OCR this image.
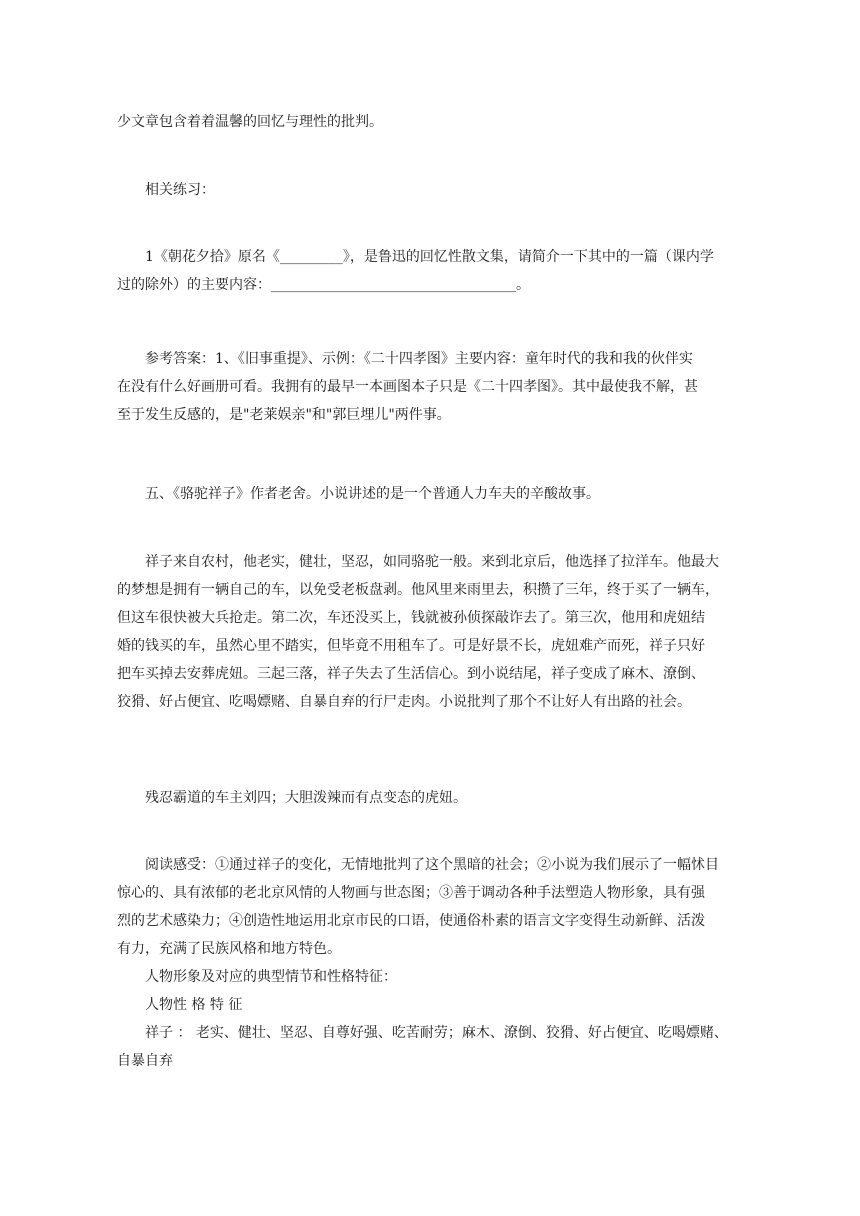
少文章包含着着温馨的回忆与理性的批判。

相关练习：

1《朝花夕拾》原名《_________》，是鲁迅的回忆性散文集，请简介一下其中的一篇（课内学
过的除外）的主要内容：___________________________________。

参考答案：1、《旧事重提》、示例：《二十四孝图》主要内容：童年时代的我和我的伙伴实
在没有什么好画册可看。我拥有的最早一本画图本子只是《二十四孝图》。其中最使我不解，甚
至于发生反感的，是"老莱娱亲"和"郭巨埋儿"两件事。

五、《骆驼祥子》作者老舍。小说讲述的是一个普通人力车夫的辛酸故事。

祥子来自农村，他老实，健壮，坚忍，如同骆驼一般。来到北京后，他选择了拉洋车。他最大
的梦想是拥有一辆自己的车，以免受老板盘剥。他风里来雨里去，积攒了三年，终于买了一辆车，
但这车很快被大兵抢走。第二次，车还没买上，钱就被孙侦探敲诈去了。第三次，他用和虎妞结
婚的钱买的车，虽然心里不踏实，但毕竟不用租车了。可是好景不长，虎妞难产而死，祥子只好
把车买掉去安葬虎妞。三起三落，祥子失去了生活信心。到小说结尾，祥子变成了麻木、潦倒、
狡猾、好占便宜、吃喝嫖赌、自暴自弃的行尸走肉。小说批判了那个不让好人有出路的社会。

残忍霸道的车主刘四；大胆泼辣而有点变态的虎妞。

阅读感受：①通过祥子的变化，无情地批判了这个黑暗的社会；②小说为我们展示了一幅怵目
惊心的、具有浓郁的老北京风情的人物画与世态图；③善于调动各种手法塑造人物形象，具有强
烈的艺术感染力；④创造性地运用北京市民的口语，使通俗朴素的语言文字变得生动新鲜、活泼
有力，充满了民族风格和地方特色。
人物形象及对应的典型情节和性格特征：
人物性 格 特 征
祥子 ： 老实、健壮、坚忍、自尊好强、吃苦耐劳；麻木、潦倒、狡猾、好占便宜、吃喝嫖赌、
自暴自弃
